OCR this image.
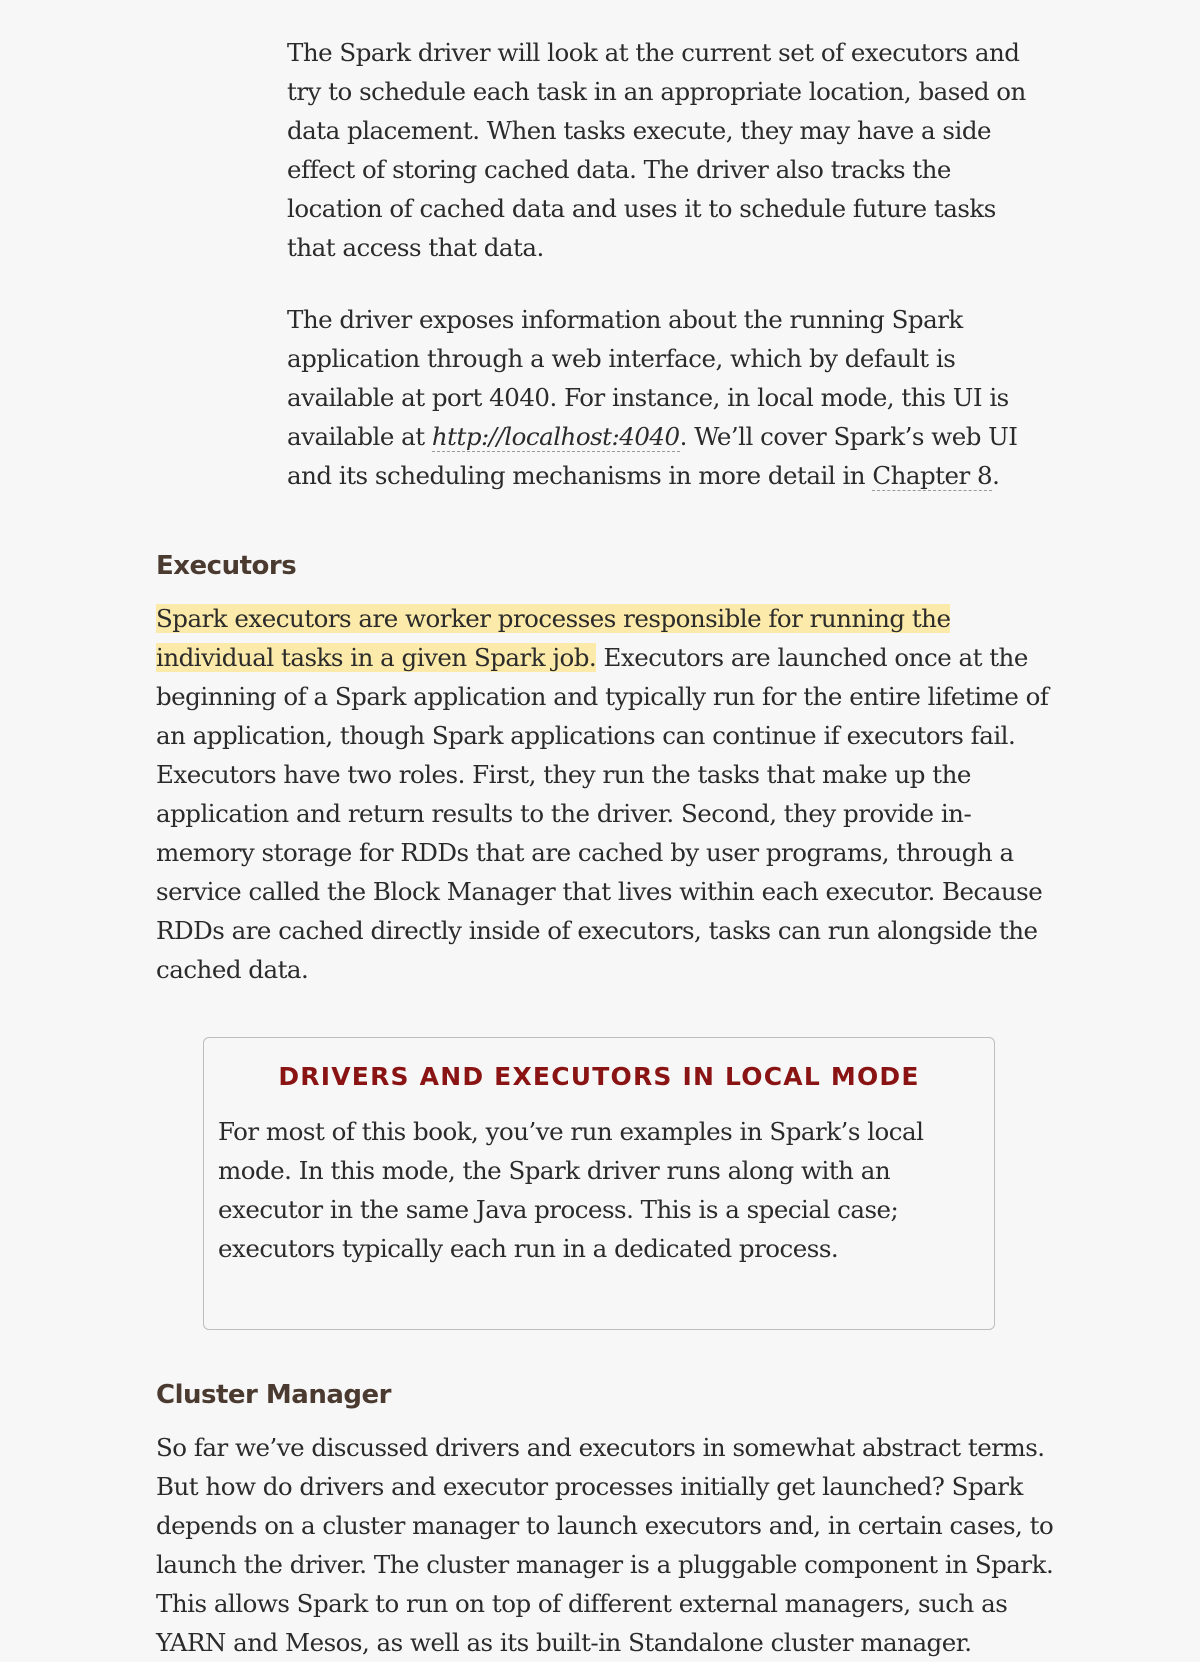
The Spark driver will look at the current set of executors and try to schedule each task in an appropriate location, based on data placement. When tasks execute, they may have a side effect of storing cached data. The driver also tracks the location of cached data and uses it to schedule future tasks that access that data.

The driver exposes information about the running Spark application through a web interface, which by default is available at port 4040. For instance, in local mode, this UI is available at http://localhost:4040. We’ll cover Spark’s web UI and its scheduling mechanisms in more detail in Chapter 8.

Executors

Spark executors are worker processes responsible for running the individual tasks in a given Spark job. Executors are launched once at the beginning of a Spark application and typically run for the entire lifetime of an application, though Spark applications can continue if executors fail. Executors have two roles. First, they run the tasks that make up the application and return results to the driver. Second, they provide in-memory storage for RDDs that are cached by user programs, through a service called the Block Manager that lives within each executor. Because RDDs are cached directly inside of executors, tasks can run alongside the cached data.

DRIVERS AND EXECUTORS IN LOCAL MODE

For most of this book, you’ve run examples in Spark’s local mode. In this mode, the Spark driver runs along with an executor in the same Java process. This is a special case; executors typically each run in a dedicated process.

Cluster Manager

So far we’ve discussed drivers and executors in somewhat abstract terms. But how do drivers and executor processes initially get launched? Spark depends on a cluster manager to launch executors and, in certain cases, to launch the driver. The cluster manager is a pluggable component in Spark. This allows Spark to run on top of different external managers, such as YARN and Mesos, as well as its built-in Standalone cluster manager.
